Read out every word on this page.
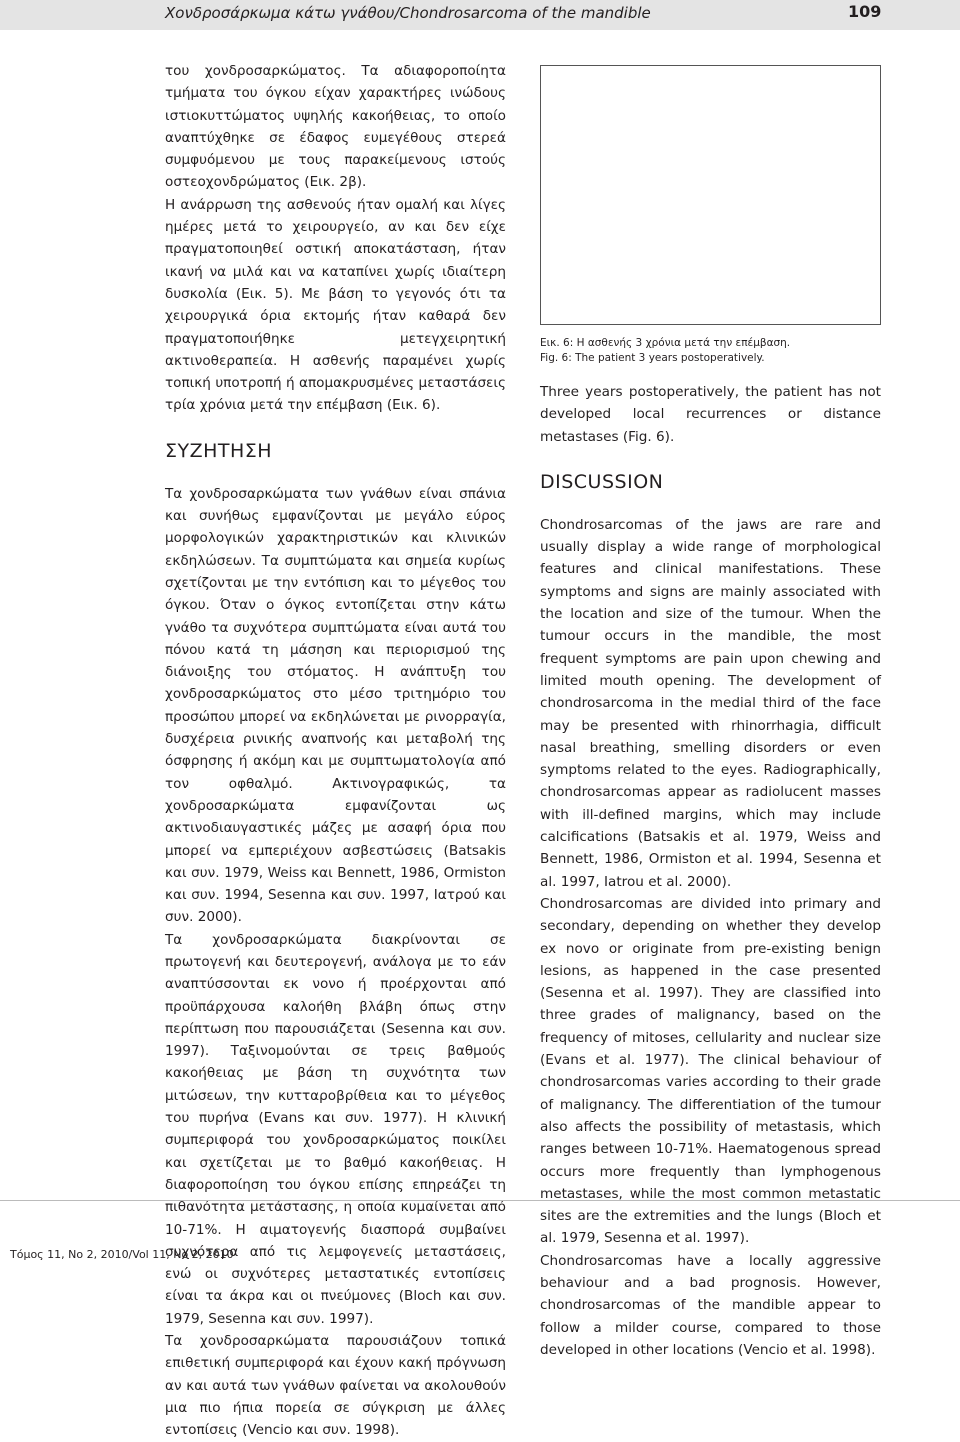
Χονδροσάρκωμα κάτω γνάθου/Chondrosarcoma of the mandible	109

του χονδροσαρκώματος. Τα αδιαφοροποίητα τμήματα του όγκου είχαν χαρακτήρες ινώδους ιστιοκυττώματος υψηλής κακοήθειας, το οποίο αναπτύχθηκε σε έδαφος ευμεγέθους στερεά συμφυόμενου με τους παρακείμενους ιστούς οστεοχονδρώματος (Εικ. 2β).

Η ανάρρωση της ασθενούς ήταν ομαλή και λίγες ημέρες μετά το χειρουργείο, αν και δεν είχε πραγματοποιηθεί οστική αποκατάσταση, ήταν ικανή να μιλά και να καταπίνει χωρίς ιδιαίτερη δυσκολία (Εικ. 5). Με βάση το γεγονός ότι τα χειρουργικά όρια εκτομής ήταν καθαρά δεν πραγματοποιήθηκε μετεγχειρητική ακτινοθεραπεία. Η ασθενής παραμένει χωρίς τοπική υποτροπή ή απομακρυσμένες μεταστάσεις τρία χρόνια μετά την επέμβαση (Εικ. 6).

ΣΥΖΗΤΗΣΗ

Τα χονδροσαρκώματα των γνάθων είναι σπάνια και συνήθως εμφανίζονται με μεγάλο εύρος μορφολογικών χαρακτηριστικών και κλινικών εκδηλώσεων. Τα συμπτώματα και σημεία κυρίως σχετίζονται με την εντόπιση και το μέγεθος του όγκου. Όταν ο όγκος εντοπίζεται στην κάτω γνάθο τα συχνότερα συμπτώματα είναι αυτά του πόνου κατά τη μάσηση και περιορισμού της διάνοιξης του στόματος. Η ανάπτυξη του χονδροσαρκώματος στο μέσο τριτημόριο του προσώπου μπορεί να εκδηλώνεται με ρινορραγία, δυσχέρεια ρινικής αναπνοής και μεταβολή της όσφρησης ή ακόμη και με συμπτωματολογία από τον οφθαλμό. Ακτινογραφικώς, τα χονδροσαρκώματα εμφανίζονται ως ακτινοδιαυγαστικές μάζες με ασαφή όρια που μπορεί να εμπεριέχουν ασβεστώσεις (Batsakis και συν. 1979, Weiss και Bennett, 1986, Ormiston και συν. 1994, Sesenna και συν. 1997, Ιατρού και συν. 2000).

Τα χονδροσαρκώματα διακρίνονται σε πρωτογενή και δευτερογενή, ανάλογα με το εάν αναπτύσσονται εκ νονο ή προέρχονται από προϋπάρχουσα καλοήθη βλάβη όπως στην περίπτωση που παρουσιάζεται (Sesenna και συν. 1997). Ταξινομούνται σε τρεις βαθμούς κακοήθειας με βάση τη συχνότητα των μιτώσεων, την κυτταροβρίθεια και το μέγεθος του πυρήνα (Evans και συν. 1977). Η κλινική συμπεριφορά του χονδροσαρκώματος ποικίλει και σχετίζεται με το βαθμό κακοήθειας. Η διαφοροποίηση του όγκου επίσης επηρεάζει τη πιθανότητα μετάστασης, η οποία κυμαίνεται από 10-71%. Η αιματογενής διασπορά συμβαίνει συχνότερα από τις λεμφογενείς μεταστάσεις, ενώ οι συχνότερες μεταστατικές εντοπίσεις είναι τα άκρα και οι πνεύμονες (Bloch και συν. 1979, Sesenna και συν. 1997).

Τα χονδροσαρκώματα παρουσιάζουν τοπικά επιθετική συμπεριφορά και έχουν κακή πρόγνωση αν και αυτά των γνάθων φαίνεται να ακολουθούν μια πιο ήπια πορεία σε σύγκριση με άλλες εντοπίσεις (Vencio και συν. 1998).

Εικ. 6: Η ασθενής 3 χρόνια μετά την επέμβαση.
Fig. 6: The patient 3 years postoperatively.

Three years postoperatively, the patient has not developed local recurrences or distance metastases (Fig. 6).

DISCUSSION

Chondrosarcomas of the jaws are rare and usually display a wide range of morphological features and clinical manifestations. These symptoms and signs are mainly associated with the location and size of the tumour. When the tumour occurs in the mandible, the most frequent symptoms are pain upon chewing and limited mouth opening. The development of chondrosarcoma in the medial third of the face may be presented with rhinorrhagia, difficult nasal breathing, smelling disorders or even symptoms related to the eyes. Radiographically, chondrosarcomas appear as radiolucent masses with ill-defined margins, which may include calcifications (Batsakis et al. 1979, Weiss and Bennett, 1986, Ormiston et al. 1994, Sesenna et al. 1997, Iatrou et al. 2000).

Chondrosarcomas are divided into primary and secondary, depending on whether they develop ex novo or originate from pre-existing benign lesions, as happened in the case presented (Sesenna et al. 1997). They are classified into three grades of malignancy, based on the frequency of mitoses, cellularity and nuclear size (Evans et al. 1977). The clinical behaviour of chondrosarcomas varies according to their grade of malignancy. The differentiation of the tumour also affects the possibility of metastasis, which ranges between 10-71%. Haematogenous spread occurs more frequently than lymphogenous metastases, while the most common metastatic sites are the extremities and the lungs (Bloch et al. 1979, Sesenna et al. 1997).

Chondrosarcomas have a locally aggressive behaviour and a bad prognosis. However, chondrosarcomas of the mandible appear to follow a milder course, compared to those developed in other locations (Vencio et al. 1998).

Τόμος 11, No 2, 2010/Vol 11, No 2, 2010
